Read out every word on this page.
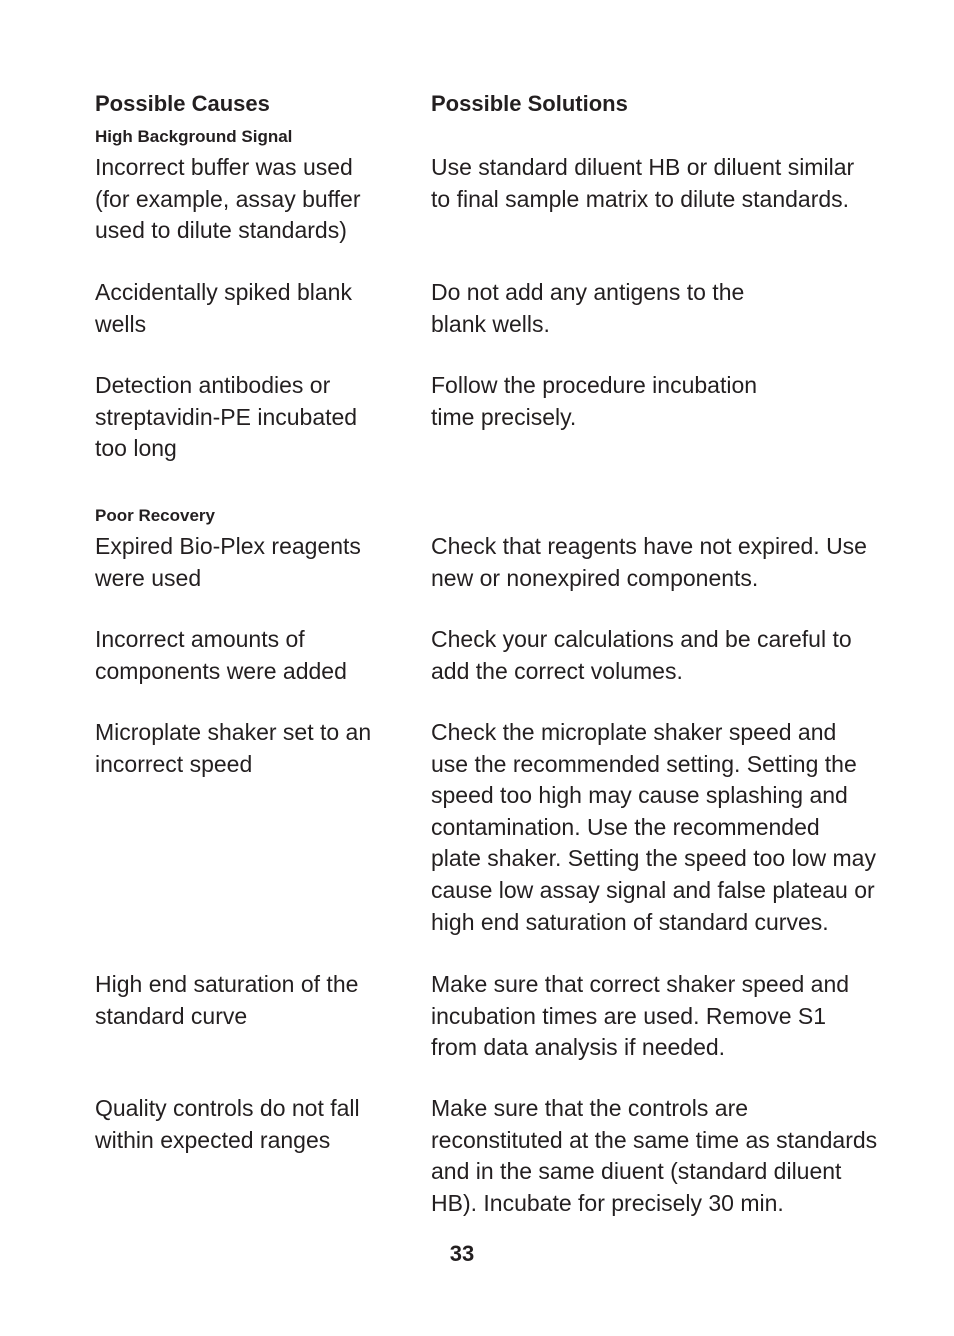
Possible Causes	Possible Solutions
High Background Signal

Incorrect buffer was used
(for example, assay buffer
used to dilute standards)

Use standard diluent HB or diluent similar
to final sample matrix to dilute standards.

Accidentally spiked blank
wells

Do not add any antigens to the
blank wells.

Detection antibodies or
streptavidin-PE incubated
too long

Follow the procedure incubation
time precisely.

Poor Recovery

Expired Bio-Plex reagents
were used

Check that reagents have not expired. Use
new or nonexpired components.

Incorrect amounts of
components were added

Check your calculations and be careful to
add the correct volumes.

Microplate shaker set to an
incorrect speed

Check the microplate shaker speed and
use the recommended setting. Setting the
speed too high may cause splashing and
contamination. Use the recommended
plate shaker. Setting the speed too low may
cause low assay signal and false plateau or
high end saturation of standard curves.

High end saturation of the
standard curve

Make sure that correct shaker speed and
incubation times are used. Remove S1
from data analysis if needed.

Quality controls do not fall
within expected ranges

Make sure that the controls are
reconstituted at the same time as standards
and in the same diuent (standard diluent
HB). Incubate for precisely 30 min.

33
